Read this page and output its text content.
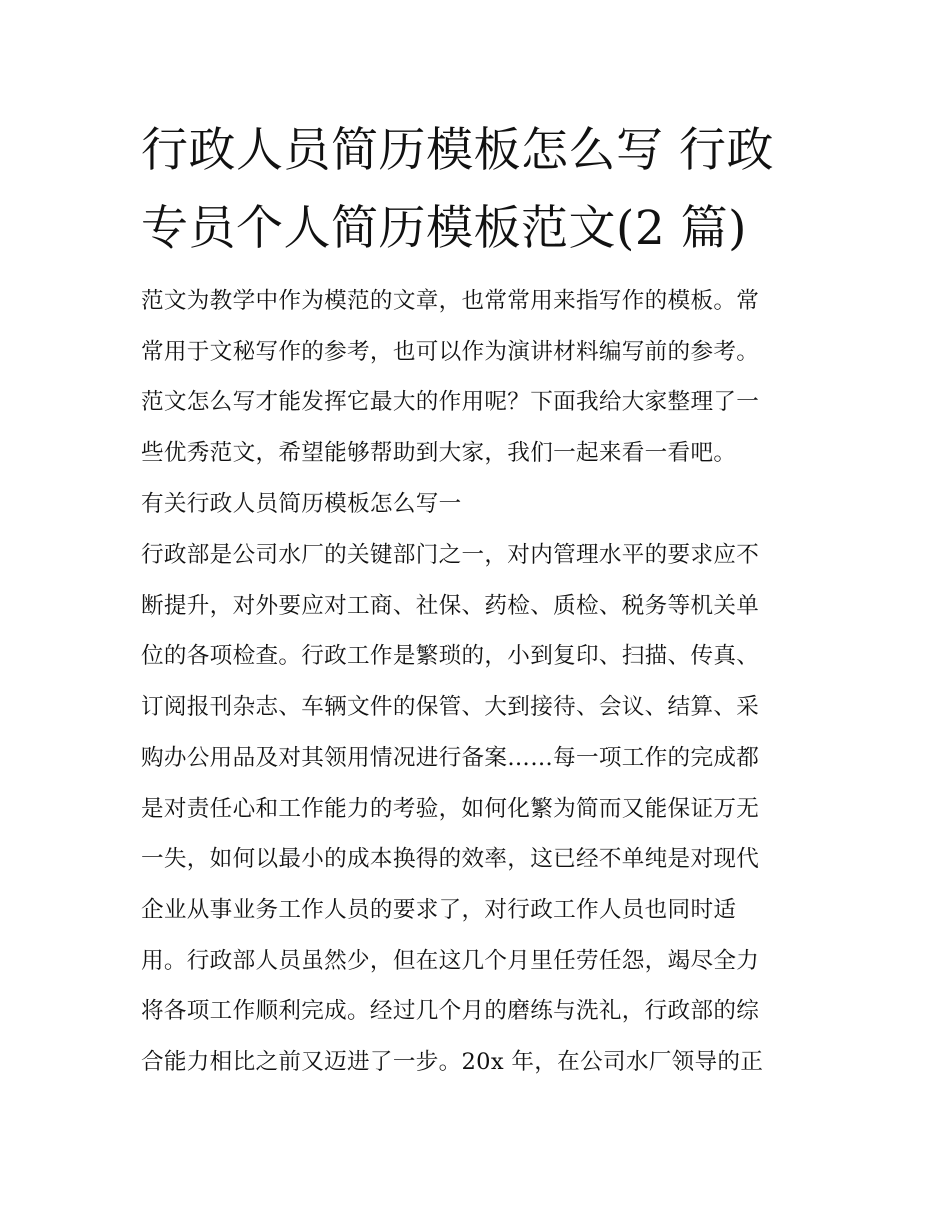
行政人员简历模板怎么写 行政
专员个人简历模板范文(2 篇)
范文为教学中作为模范的文章，也常常用来指写作的模板。常
常用于文秘写作的参考，也可以作为演讲材料编写前的参考。
范文怎么写才能发挥它最大的作用呢？下面我给大家整理了一
些优秀范文，希望能够帮助到大家，我们一起来看一看吧。
有关行政人员简历模板怎么写一
行政部是公司水厂的关键部门之一，对内管理水平的要求应不
断提升，对外要应对工商、社保、药检、质检、税务等机关单
位的各项检查。行政工作是繁琐的，小到复印、扫描、传真、
订阅报刊杂志、车辆文件的保管、大到接待、会议、结算、采
购办公用品及对其领用情况进行备案……每一项工作的完成都
是对责任心和工作能力的考验，如何化繁为简而又能保证万无
一失，如何以最小的成本换得的效率，这已经不单纯是对现代
企业从事业务工作人员的要求了，对行政工作人员也同时适
用。行政部人员虽然少，但在这几个月里任劳任怨，竭尽全力
将各项工作顺利完成。经过几个月的磨练与洗礼，行政部的综
合能力相比之前又迈进了一步。20x 年，在公司水厂领导的正
